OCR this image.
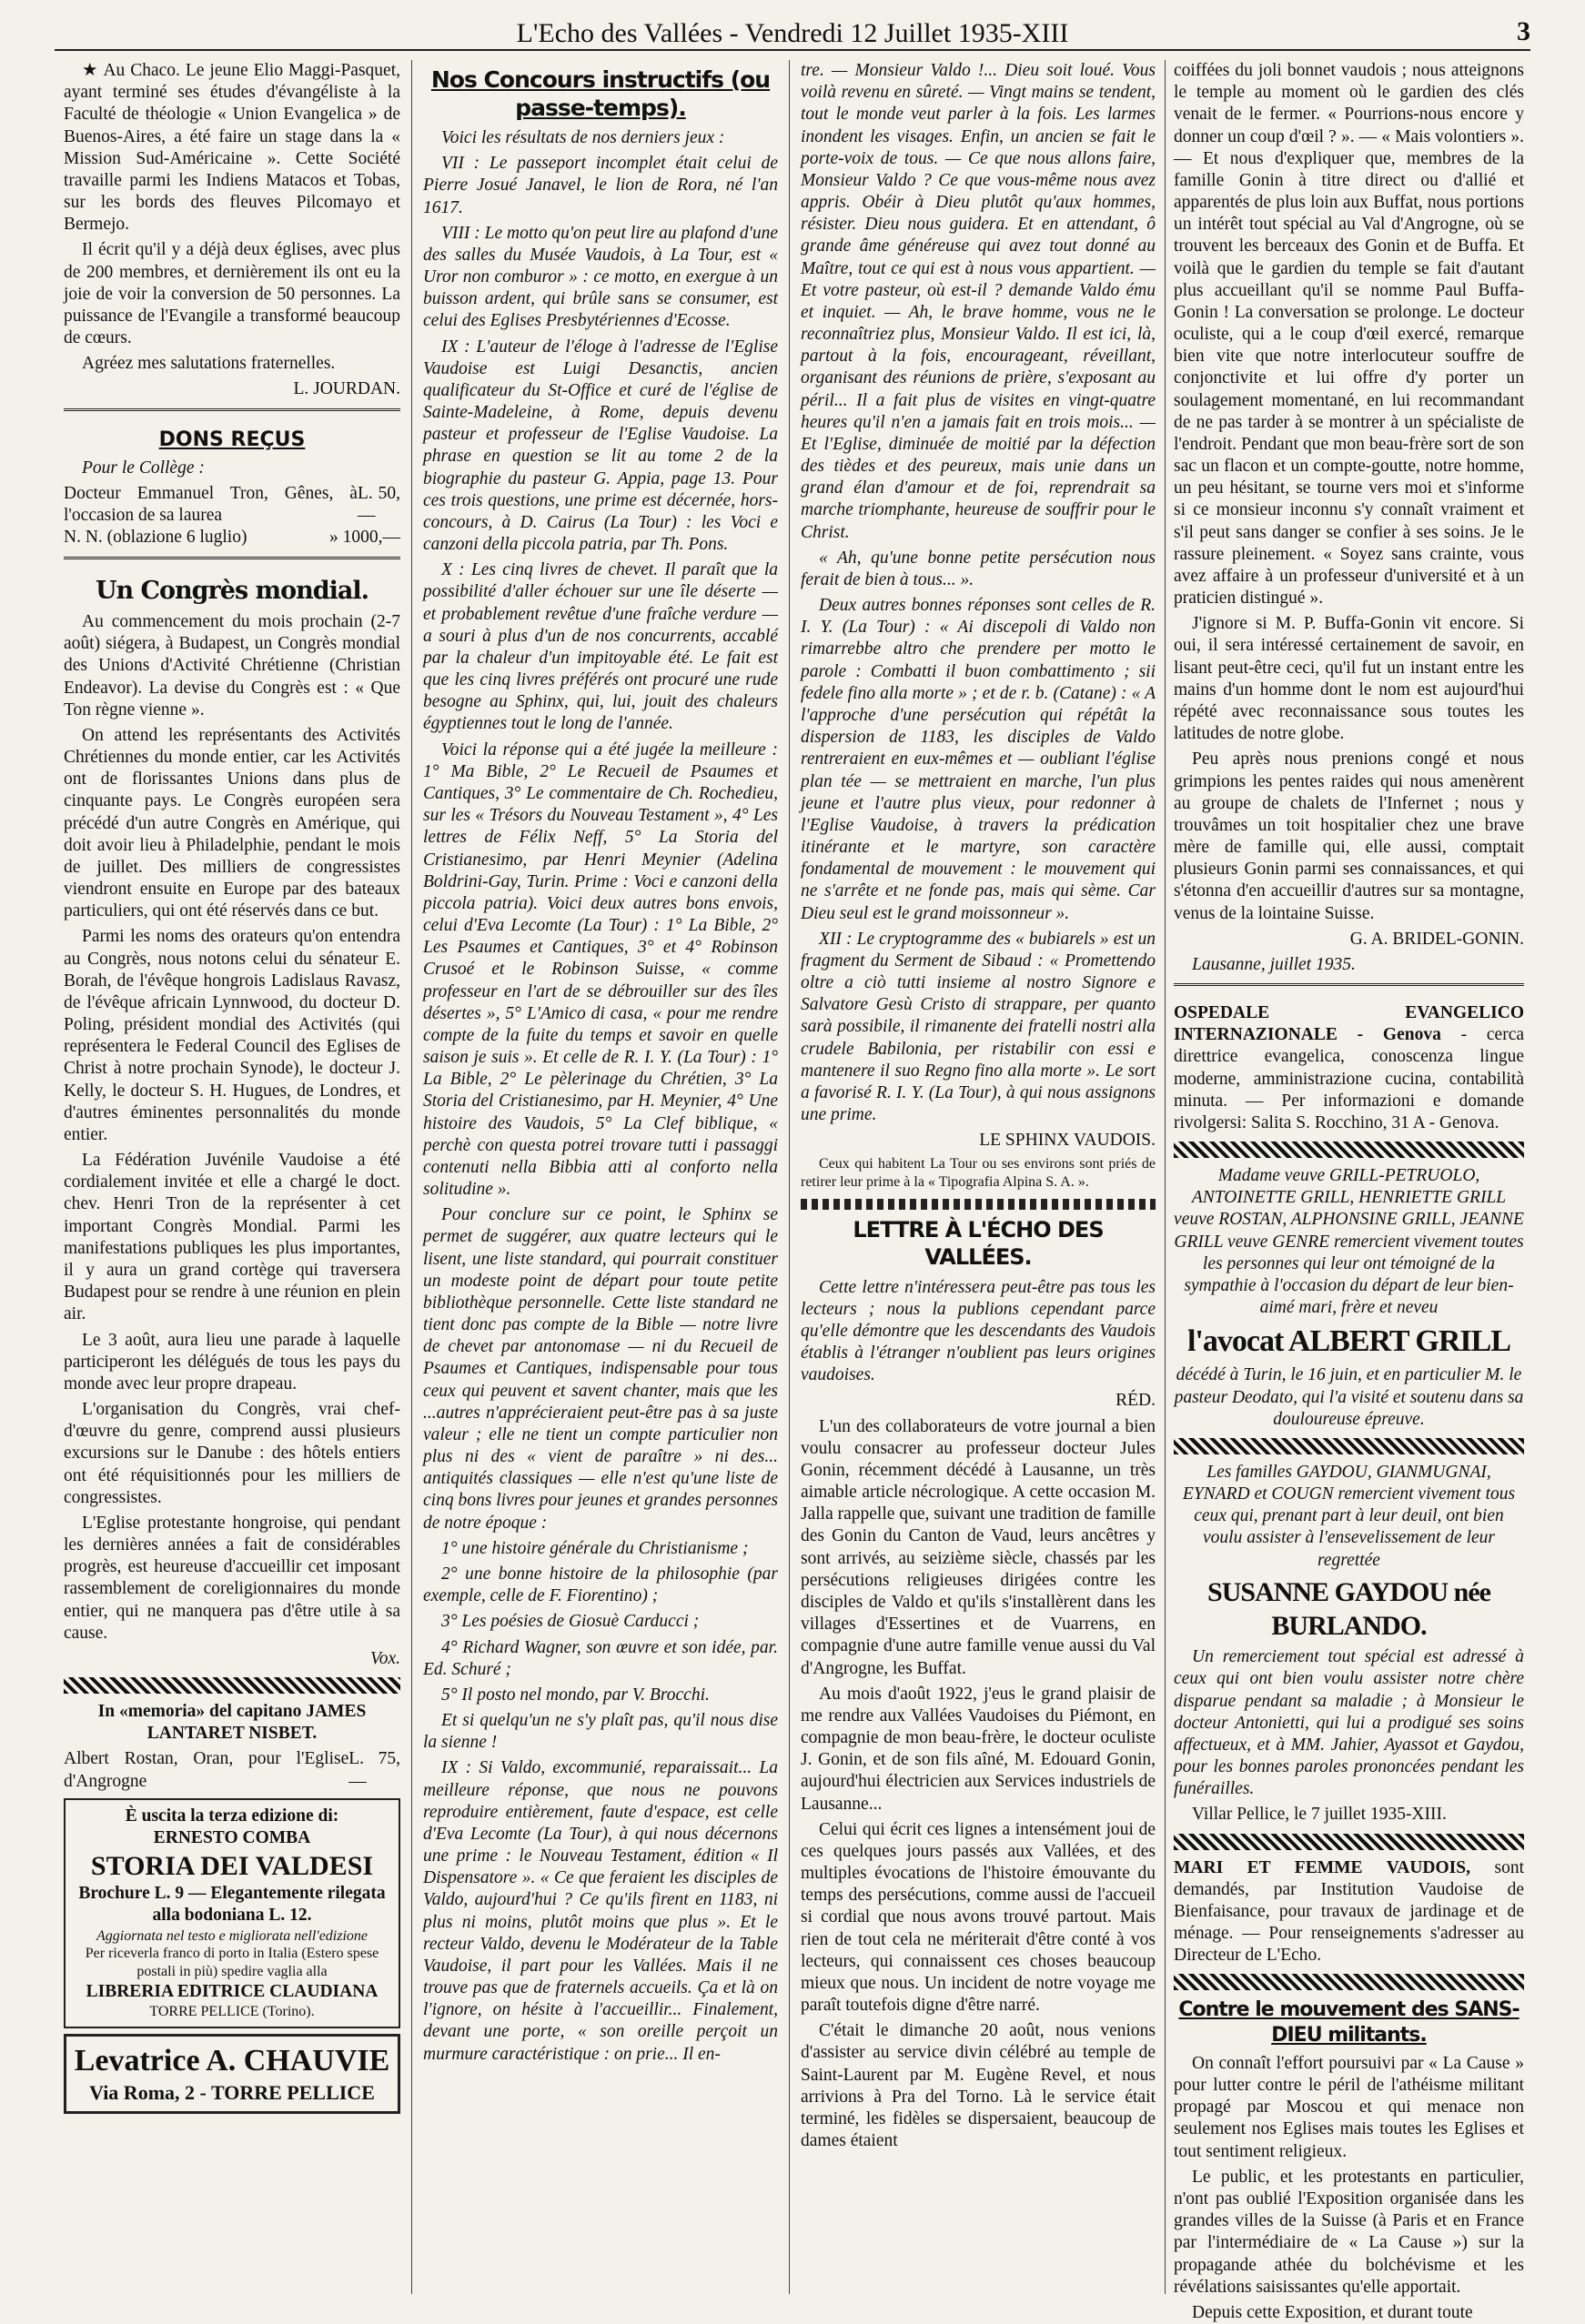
L'Echo des Vallées - Vendredi 12 Juillet 1935-XIII	3

★ Au Chaco. Le jeune Elio Maggi-Pasquet, ayant terminé ses études d'évangéliste à la Faculté de théologie « Union Evangelica » de Buenos-Aires, a été faire un stage dans la « Mission Sud-Américaine ». Cette Société travaille parmi les Indiens Matacos et Tobas, sur les bords des fleuves Pilcomayo et Bermejo.

Il écrit qu'il y a déjà deux églises, avec plus de 200 membres, et dernièrement ils ont eu la joie de voir la conversion de 50 personnes. La puissance de l'Evangile a transformé beaucoup de cœurs.

Agréez mes salutations fraternelles.

L. JOURDAN.

DONS REÇUS

Pour le Collège :

Docteur Emmanuel Tron, Gênes, à l'occasion de sa laurea
L. 50,—
N. N. (oblazione 6 luglio)	» 1000,—
Un Congrès mondial.

Au commencement du mois prochain (2-7 août) siégera, à Budapest, un Congrès mondial des Unions d'Activité Chrétienne (Christian Endeavor). La devise du Congrès est : « Que Ton règne vienne ».

On attend les représentants des Activités Chrétiennes du monde entier, car les Activités ont de florissantes Unions dans plus de cinquante pays. Le Congrès européen sera précédé d'un autre Congrès en Amérique, qui doit avoir lieu à Philadelphie, pendant le mois de juillet. Des milliers de congressistes viendront ensuite en Europe par des bateaux particuliers, qui ont été réservés dans ce but.

Parmi les noms des orateurs qu'on entendra au Congrès, nous notons celui du sénateur E. Borah, de l'évêque hongrois Ladislaus Ravasz, de l'évêque africain Lynnwood, du docteur D. Poling, président mondial des Activités (qui représentera le Federal Council des Eglises de Christ à notre prochain Synode), le docteur J. Kelly, le docteur S. H. Hugues, de Londres, et d'autres éminentes personnalités du monde entier.

La Fédération Juvénile Vaudoise a été cordialement invitée et elle a chargé le doct. chev. Henri Tron de la représenter à cet important Congrès Mondial. Parmi les manifestations publiques les plus importantes, il y aura un grand cortège qui traversera Budapest pour se rendre à une réunion en plein air.

Le 3 août, aura lieu une parade à laquelle participeront les délégués de tous les pays du monde avec leur propre drapeau.

L'organisation du Congrès, vrai chef-d'œuvre du genre, comprend aussi plusieurs excursions sur le Danube : des hôtels entiers ont été réquisitionnés pour les milliers de congressistes.

L'Eglise protestante hongroise, qui pendant les dernières années a fait de considérables progrès, est heureuse d'accueillir cet imposant rassemblement de coreligionnaires du monde entier, qui ne manquera pas d'être utile à sa cause.

Vox.

In «memoria» del capitano JAMES LANTARET NISBET.

Albert Rostan, Oran, pour l'Eglise d'Angrogne
L. 75,—
È uscita la terza edizione di:
ERNESTO COMBA
STORIA DEI VALDESI
Brochure L. 9 — Elegantemente rilegata alla bodoniana L. 12.
Aggiornata nel testo e migliorata nell'edizione
Per riceverla franco di porto in Italia (Estero spese postali in più) spedire vaglia alla
LIBRERIA EDITRICE CLAUDIANA
TORRE PELLICE (Torino).
Levatrice A. CHAUVIE
Via Roma, 2 - TORRE PELLICE
Nos Concours instructifs (ou passe-temps).

Voici les résultats de nos derniers jeux :

VII : Le passeport incomplet était celui de Pierre Josué Janavel, le lion de Rora, né l'an 1617.

VIII : Le motto qu'on peut lire au plafond d'une des salles du Musée Vaudois, à La Tour, est « Uror non comburor » : ce motto, en exergue à un buisson ardent, qui brûle sans se consumer, est celui des Eglises Presbytériennes d'Ecosse.

IX : L'auteur de l'éloge à l'adresse de l'Eglise Vaudoise est Luigi Desanctis, ancien qualificateur du St-Office et curé de l'église de Sainte-Madeleine, à Rome, depuis devenu pasteur et professeur de l'Eglise Vaudoise. La phrase en question se lit au tome 2 de la biographie du pasteur G. Appia, page 13. Pour ces trois questions, une prime est décernée, hors-concours, à D. Cairus (La Tour) : les Voci e canzoni della piccola patria, par Th. Pons.

X : Les cinq livres de chevet. Il paraît que la possibilité d'aller échouer sur une île déserte — et probablement revêtue d'une fraîche verdure — a souri à plus d'un de nos concurrents, accablé par la chaleur d'un impitoyable été. Le fait est que les cinq livres préférés ont procuré une rude besogne au Sphinx, qui, lui, jouit des chaleurs égyptiennes tout le long de l'année.

Voici la réponse qui a été jugée la meilleure : 1° Ma Bible, 2° Le Recueil de Psaumes et Cantiques, 3° Le commentaire de Ch. Rochedieu, sur les « Trésors du Nouveau Testament », 4° Les lettres de Félix Neff, 5° La Storia del Cristianesimo, par Henri Meynier (Adelina Boldrini-Gay, Turin. Prime : Voci e canzoni della piccola patria). Voici deux autres bons envois, celui d'Eva Lecomte (La Tour) : 1° La Bible, 2° Les Psaumes et Cantiques, 3° et 4° Robinson Crusoé et le Robinson Suisse, « comme professeur en l'art de se débrouiller sur des îles désertes », 5° L'Amico di casa, « pour me rendre compte de la fuite du temps et savoir en quelle saison je suis ». Et celle de R. I. Y. (La Tour) : 1° La Bible, 2° Le pèlerinage du Chrétien, 3° La Storia del Cristianesimo, par H. Meynier, 4° Une histoire des Vaudois, 5° La Clef biblique, « perchè con questa potrei trovare tutti i passaggi contenuti nella Bibbia atti al conforto nella solitudine ».

Pour conclure sur ce point, le Sphinx se permet de suggérer, aux quatre lecteurs qui le lisent, une liste standard, qui pourrait constituer un modeste point de départ pour toute petite bibliothèque personnelle. Cette liste standard ne tient donc pas compte de la Bible — notre livre de chevet par antonomase — ni du Recueil de Psaumes et Cantiques, indispensable pour tous ceux qui peuvent et savent chanter, mais que les ...autres n'apprécieraient peut-être pas à sa juste valeur ; elle ne tient un compte particulier non plus ni des « vient de paraître » ni des... antiquités classiques — elle n'est qu'une liste de cinq bons livres pour jeunes et grandes personnes de notre époque :

1° une histoire générale du Christianisme ;

2° une bonne histoire de la philosophie (par exemple, celle de F. Fiorentino) ;

3° Les poésies de Giosuè Carducci ;

4° Richard Wagner, son œuvre et son idée, par. Ed. Schuré ;

5° Il posto nel mondo, par V. Brocchi.

Et si quelqu'un ne s'y plaît pas, qu'il nous dise la sienne !

IX : Si Valdo, excommunié, reparaissait... La meilleure réponse, que nous ne pouvons reproduire entièrement, faute d'espace, est celle d'Eva Lecomte (La Tour), à qui nous décernons une prime : le Nouveau Testament, édition « Il Dispensatore ». « Ce que feraient les disciples de Valdo, aujourd'hui ? Ce qu'ils firent en 1183, ni plus ni moins, plutôt moins que plus ». Et le recteur Valdo, devenu le Modérateur de la Table Vaudoise, il part pour les Vallées. Mais il ne trouve pas que de fraternels accueils. Ça et là on l'ignore, on hésite à l'accueillir... Finalement, devant une porte, « son oreille perçoit un murmure caractéristique : on prie... Il en-

tre. — Monsieur Valdo !... Dieu soit loué. Vous voilà revenu en sûreté. — Vingt mains se tendent, tout le monde veut parler à la fois. Les larmes inondent les visages. Enfin, un ancien se fait le porte-voix de tous. — Ce que nous allons faire, Monsieur Valdo ? Ce que vous-même nous avez appris. Obéir à Dieu plutôt qu'aux hommes, résister. Dieu nous guidera. Et en attendant, ô grande âme généreuse qui avez tout donné au Maître, tout ce qui est à nous vous appartient. — Et votre pasteur, où est-il ? demande Valdo ému et inquiet. — Ah, le brave homme, vous ne le reconnaîtriez plus, Monsieur Valdo. Il est ici, là, partout à la fois, encourageant, réveillant, organisant des réunions de prière, s'exposant au péril... Il a fait plus de visites en vingt-quatre heures qu'il n'en a jamais fait en trois mois... — Et l'Eglise, diminuée de moitié par la défection des tièdes et des peureux, mais unie dans un grand élan d'amour et de foi, reprendrait sa marche triomphante, heureuse de souffrir pour le Christ.

« Ah, qu'une bonne petite persécution nous ferait de bien à tous... ».

Deux autres bonnes réponses sont celles de R. I. Y. (La Tour) : « Ai discepoli di Valdo non rimarrebbe altro che prendere per motto le parole : Combatti il buon combattimento ; sii fedele fino alla morte » ; et de r. b. (Catane) : « A l'approche d'une persécution qui répétât la dispersion de 1183, les disciples de Valdo rentreraient en eux-mêmes et — oubliant l'église plan tée — se mettraient en marche, l'un plus jeune et l'autre plus vieux, pour redonner à l'Eglise Vaudoise, à travers la prédication itinérante et le martyre, son caractère fondamental de mouvement : le mouvement qui ne s'arrête et ne fonde pas, mais qui sème. Car Dieu seul est le grand moissonneur ».

XII : Le cryptogramme des « bubiarels » est un fragment du Serment de Sibaud : « Promettendo oltre a ciò tutti insieme al nostro Signore e Salvatore Gesù Cristo di strappare, per quanto sarà possibile, il rimanente dei fratelli nostri alla crudele Babilonia, per ristabilir con essi e mantenere il suo Regno fino alla morte ». Le sort a favorisé R. I. Y. (La Tour), à qui nous assignons une prime.

LE SPHINX VAUDOIS.

Ceux qui habitent La Tour ou ses environs sont priés de retirer leur prime à la « Tipografia Alpina S. A. ».

LETTRE À L'ÉCHO DES VALLÉES.

Cette lettre n'intéressera peut-être pas tous les lecteurs ; nous la publions cependant parce qu'elle démontre que les descendants des Vaudois établis à l'étranger n'oublient pas leurs origines vaudoises.

RÉD.

L'un des collaborateurs de votre journal a bien voulu consacrer au professeur docteur Jules Gonin, récemment décédé à Lausanne, un très aimable article nécrologique. A cette occasion M. Jalla rappelle que, suivant une tradition de famille des Gonin du Canton de Vaud, leurs ancêtres y sont arrivés, au seizième siècle, chassés par les persécutions religieuses dirigées contre les disciples de Valdo et qu'ils s'installèrent dans les villages d'Essertines et de Vuarrens, en compagnie d'une autre famille venue aussi du Val d'Angrogne, les Buffat.

Au mois d'août 1922, j'eus le grand plaisir de me rendre aux Vallées Vaudoises du Piémont, en compagnie de mon beau-frère, le docteur oculiste J. Gonin, et de son fils aîné, M. Edouard Gonin, aujourd'hui électricien aux Services industriels de Lausanne...

Celui qui écrit ces lignes a intensément joui de ces quelques jours passés aux Vallées, et des multiples évocations de l'histoire émouvante du temps des persécutions, comme aussi de l'accueil si cordial que nous avons trouvé partout. Mais rien de tout cela ne mériterait d'être conté à vos lecteurs, qui connaissent ces choses beaucoup mieux que nous. Un incident de notre voyage me paraît toutefois digne d'être narré.

C'était le dimanche 20 août, nous venions d'assister au service divin célébré au temple de Saint-Laurent par M. Eugène Revel, et nous arrivions à Pra del Torno. Là le service était terminé, les fidèles se dispersaient, beaucoup de dames étaient

coiffées du joli bonnet vaudois ; nous atteignons le temple au moment où le gardien des clés venait de le fermer. « Pourrions-nous encore y donner un coup d'œil ? ». — « Mais volontiers ». — Et nous d'expliquer que, membres de la famille Gonin à titre direct ou d'allié et apparentés de plus loin aux Buffat, nous portions un intérêt tout spécial au Val d'Angrogne, où se trouvent les berceaux des Gonin et de Buffa. Et voilà que le gardien du temple se fait d'autant plus accueillant qu'il se nomme Paul Buffa-Gonin ! La conversation se prolonge. Le docteur oculiste, qui a le coup d'œil exercé, remarque bien vite que notre interlocuteur souffre de conjonctivite et lui offre d'y porter un soulagement momentané, en lui recommandant de ne pas tarder à se montrer à un spécialiste de l'endroit. Pendant que mon beau-frère sort de son sac un flacon et un compte-goutte, notre homme, un peu hésitant, se tourne vers moi et s'informe si ce monsieur inconnu s'y connaît vraiment et s'il peut sans danger se confier à ses soins. Je le rassure pleinement. « Soyez sans crainte, vous avez affaire à un professeur d'université et à un praticien distingué ».

J'ignore si M. P. Buffa-Gonin vit encore. Si oui, il sera intéressé certainement de savoir, en lisant peut-être ceci, qu'il fut un instant entre les mains d'un homme dont le nom est aujourd'hui répété avec reconnaissance sous toutes les latitudes de notre globe.

Peu après nous prenions congé et nous grimpions les pentes raides qui nous amenèrent au groupe de chalets de l'Infernet ; nous y trouvâmes un toit hospitalier chez une brave mère de famille qui, elle aussi, comptait plusieurs Gonin parmi ses connaissances, et qui s'étonna d'en accueillir d'autres sur sa montagne, venus de la lointaine Suisse.

G. A. BRIDEL-GONIN.

Lausanne, juillet 1935.

OSPEDALE EVANGELICO INTERNAZIONALE - Genova - cerca direttrice evangelica, conoscenza lingue moderne, amministrazione cucina, contabilità minuta. — Per informazioni e domande rivolgersi: Salita S. Rocchino, 31 A - Genova.

Madame veuve GRILL-PETRUOLO, ANTOINETTE GRILL, HENRIETTE GRILL veuve ROSTAN, ALPHONSINE GRILL, JEANNE GRILL veuve GENRE remercient vivement toutes les personnes qui leur ont témoigné de la sympathie à l'occasion du départ de leur bien-aimé mari, frère et neveu

l'avocat ALBERT GRILL

décédé à Turin, le 16 juin, et en particulier M. le pasteur Deodato, qui l'a visité et soutenu dans sa douloureuse épreuve.

Les familles GAYDOU, GIANMUGNAI, EYNARD et COUGN remercient vivement tous ceux qui, prenant part à leur deuil, ont bien voulu assister à l'ensevelissement de leur regrettée

SUSANNE GAYDOU née BURLANDO.

Un remerciement tout spécial est adressé à ceux qui ont bien voulu assister notre chère disparue pendant sa maladie ; à Monsieur le docteur Antonietti, qui lui a prodigué ses soins affectueux, et à MM. Jahier, Ayassot et Gaydou, pour les bonnes paroles prononcées pendant les funérailles.

Villar Pellice, le 7 juillet 1935-XIII.

MARI ET FEMME VAUDOIS, sont demandés, par Institution Vaudoise de Bienfaisance, pour travaux de jardinage et de ménage. — Pour renseignements s'adresser au Directeur de L'Echo.

Contre le mouvement des SANS-DIEU militants.

On connaît l'effort poursuivi par « La Cause » pour lutter contre le péril de l'athéisme militant propagé par Moscou et qui menace non seulement nos Eglises mais toutes les Eglises et tout sentiment religieux.

Le public, et les protestants en particulier, n'ont pas oublié l'Exposition organisée dans les grandes villes de la Suisse (à Paris et en France par l'intermédiaire de « La Cause ») sur la propagande athée du bolchévisme et les révélations saisissantes qu'elle apportait.

Depuis cette Exposition, et durant toute
